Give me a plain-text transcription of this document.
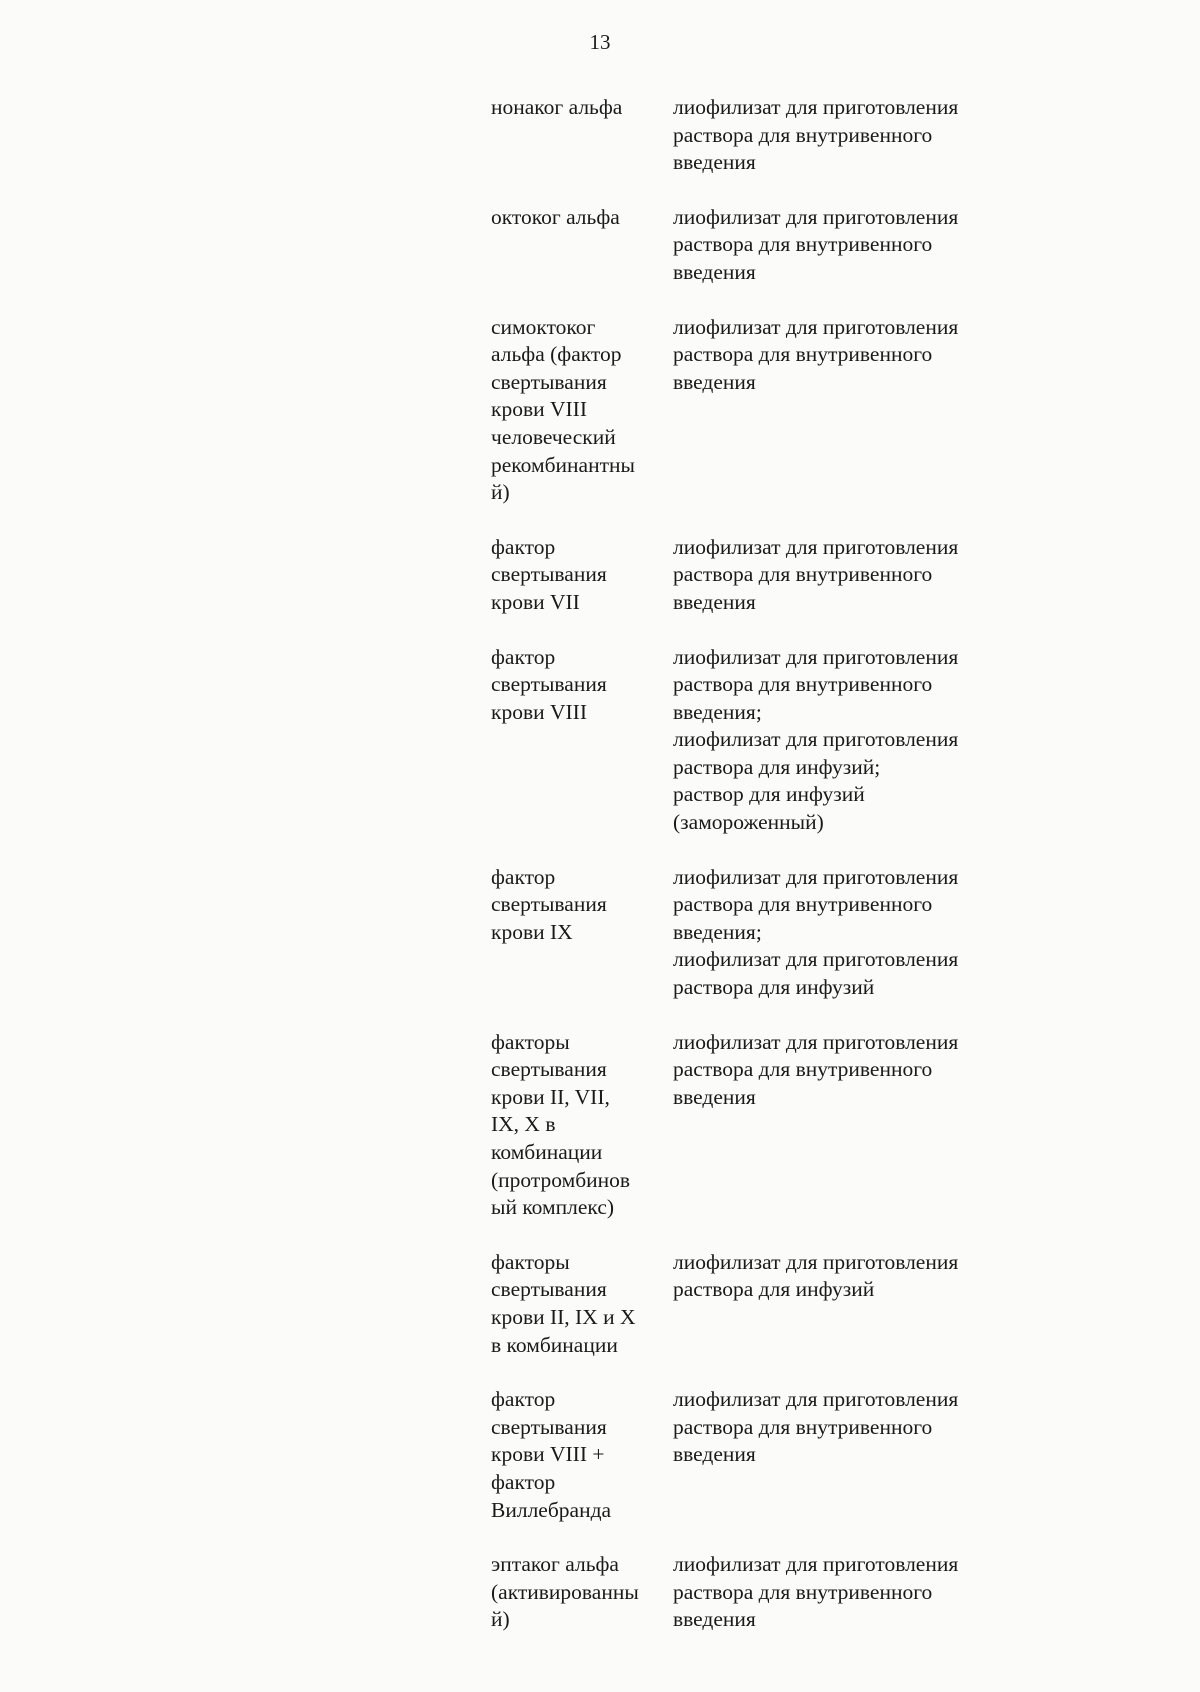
13
нонаког альфа	лиофилизат для приготовления
раствора для внутривенного
введения
октоког альфа	лиофилизат для приготовления
раствора для внутривенного
введения
симоктоког
альфа (фактор
свертывания
крови VIII
человеческий
рекомбинантны
й)
лиофилизат для приготовления
раствора для внутривенного
введения
фактор
свертывания
крови VII
лиофилизат для приготовления
раствора для внутривенного
введения
фактор
свертывания
крови VIII
лиофилизат для приготовления
раствора для внутривенного
введения;
лиофилизат для приготовления
раствора для инфузий;
раствор для инфузий
(замороженный)
фактор
свертывания
крови IX
лиофилизат для приготовления
раствора для внутривенного
введения;
лиофилизат для приготовления
раствора для инфузий
факторы
свертывания
крови II, VII,
IX, X в
комбинации
(протромбинов
ый комплекс)
лиофилизат для приготовления
раствора для внутривенного
введения
факторы
свертывания
крови II, IX и X
в комбинации
лиофилизат для приготовления
раствора для инфузий
фактор
свертывания
крови VIII +
фактор
Виллебранда
лиофилизат для приготовления
раствора для внутривенного
введения
эптаког альфа
(активированны
й)
лиофилизат для приготовления
раствора для внутривенного
введения
